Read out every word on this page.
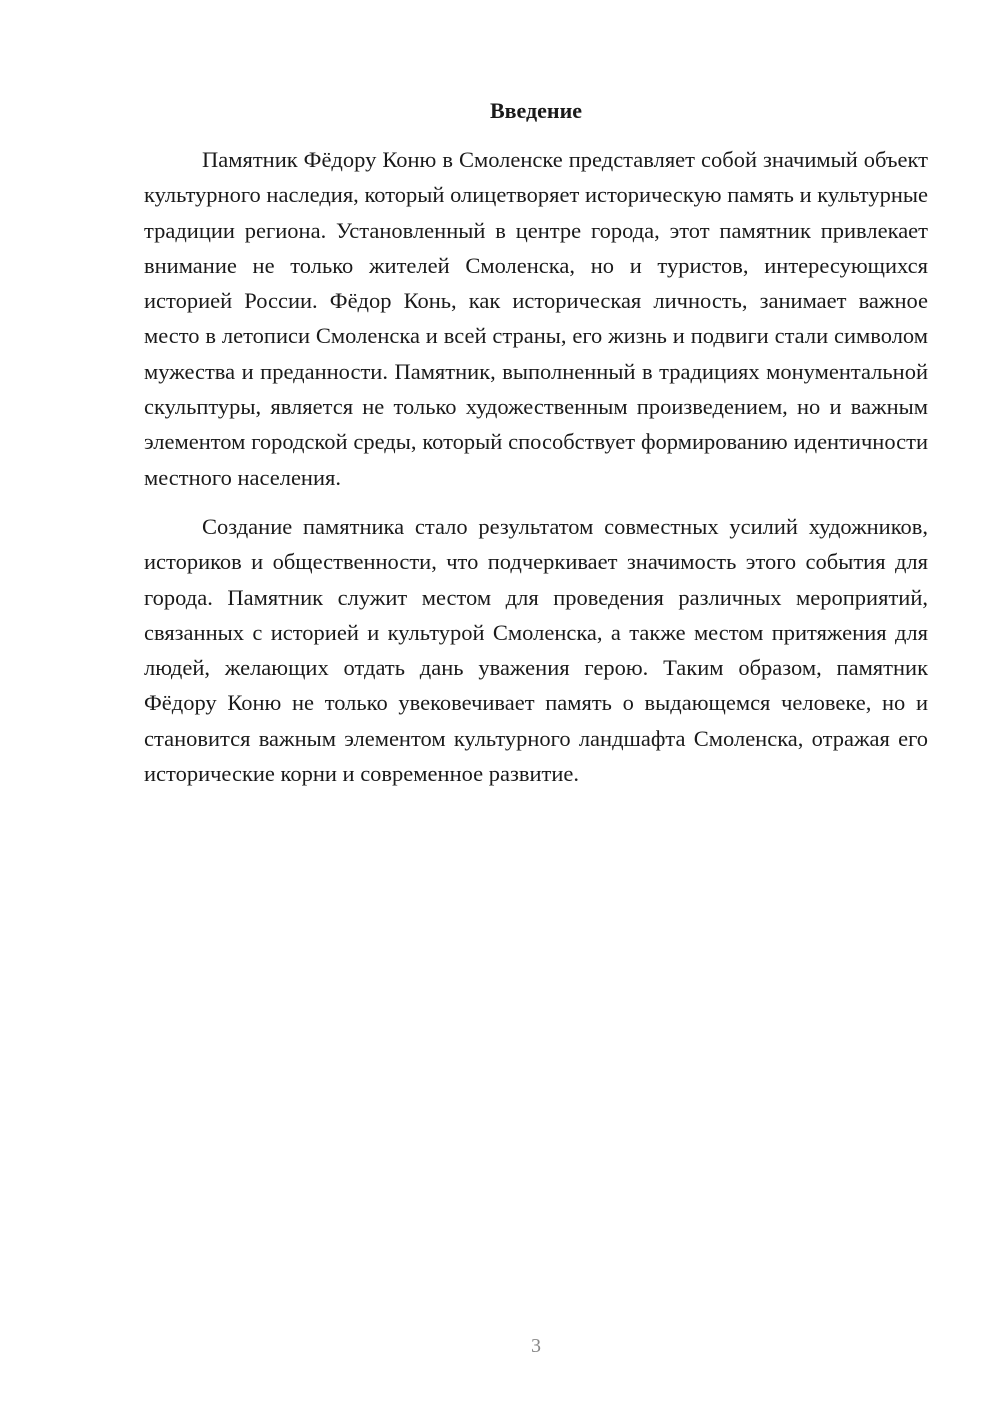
Введение

Памятник Фёдору Коню в Смоленске представляет собой значимый объект культурного наследия, который олицетворяет историческую память и культурные традиции региона. Установленный в центре города, этот памятник привлекает внимание не только жителей Смоленска, но и туристов, интересующихся историей России. Фёдор Конь, как историческая личность, занимает важное место в летописи Смоленска и всей страны, его жизнь и подвиги стали символом мужества и преданности. Памятник, выполненный в традициях монументальной скульптуры, является не только художественным произведением, но и важным элементом городской среды, который способствует формированию идентичности местного населения.

Создание памятника стало результатом совместных усилий художников, историков и общественности, что подчеркивает значимость этого события для города. Памятник служит местом для проведения различных мероприятий, связанных с историей и культурой Смоленска, а также местом притяжения для людей, желающих отдать дань уважения герою. Таким образом, памятник Фёдору Коню не только увековечивает память о выдающемся человеке, но и становится важным элементом культурного ландшафта Смоленска, отражая его исторические корни и современное развитие.

3
